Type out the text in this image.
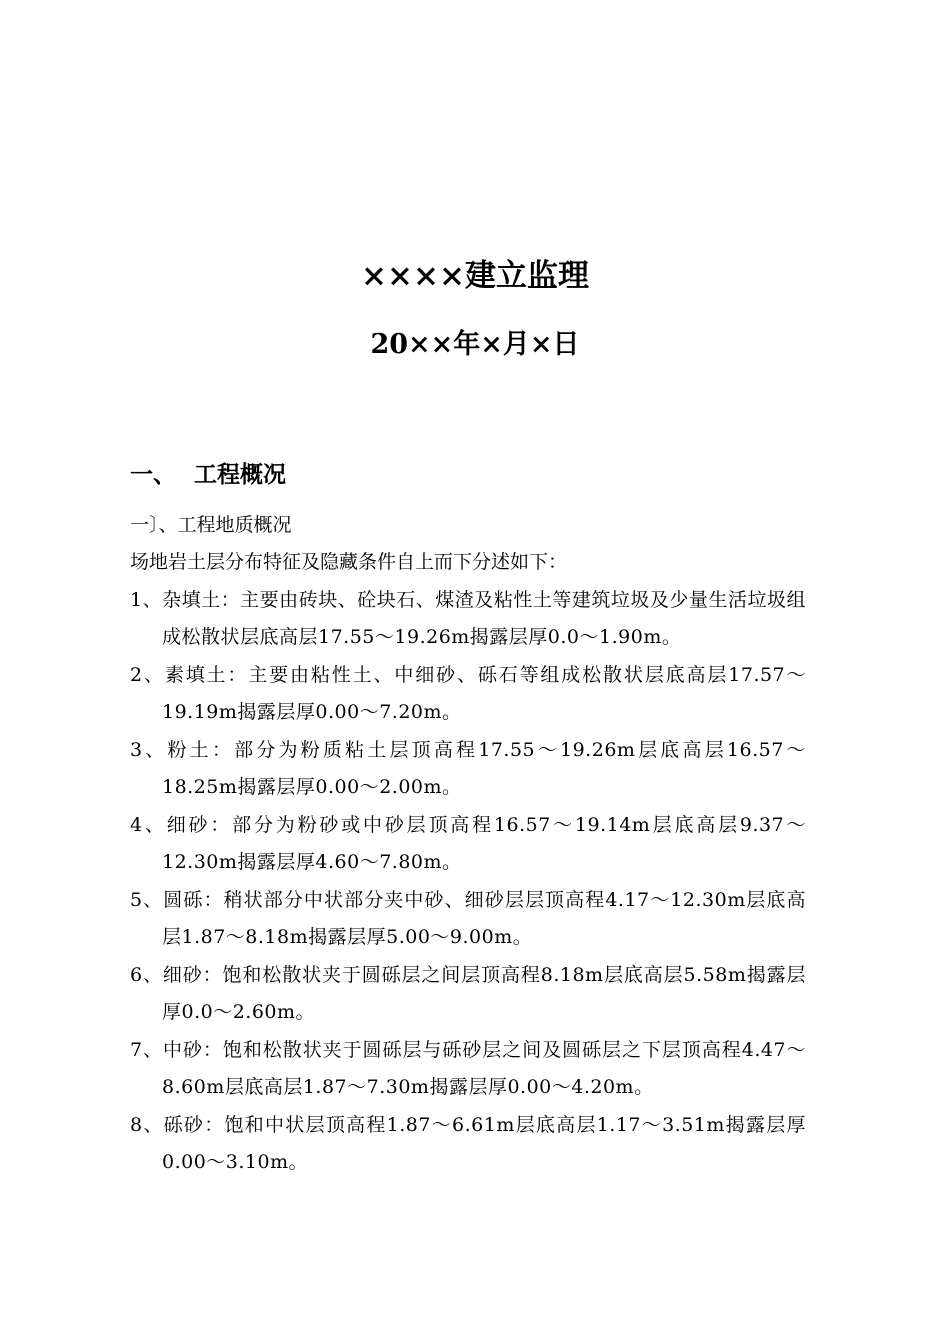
××××建立监理
20××年×月×日
一、 工程概况
一〕、工程地质概况
场地岩土层分布特征及隐藏条件自上而下分述如下：
1、杂填土：主要由砖块、砼块石、煤渣及粘性土等建筑垃圾及少量生活垃圾组成松散状层底高层17.55～19.26m揭露层厚0.0～1.90m。
2、素填土：主要由粘性土、中细砂、砾石等组成松散状层底高层17.57～19.19m揭露层厚0.00～7.20m。
3、粉土：部分为粉质粘土层顶高程17.55～19.26m层底高层16.57～18.25m揭露层厚0.00～2.00m。
4、细砂：部分为粉砂或中砂层顶高程16.57～19.14m层底高层9.37～12.30m揭露层厚4.60～7.80m。
5、圆砾：稍状部分中状部分夹中砂、细砂层层顶高程4.17～12.30m层底高层1.87～8.18m揭露层厚5.00～9.00m。
6、细砂：饱和松散状夹于圆砾层之间层顶高程8.18m层底高层5.58m揭露层厚0.0～2.60m。
7、中砂：饱和松散状夹于圆砾层与砾砂层之间及圆砾层之下层顶高程4.47～8.60m层底高层1.87～7.30m揭露层厚0.00～4.20m。
8、砾砂：饱和中状层顶高程1.87～6.61m层底高层1.17～3.51m揭露层厚0.00～3.10m。
